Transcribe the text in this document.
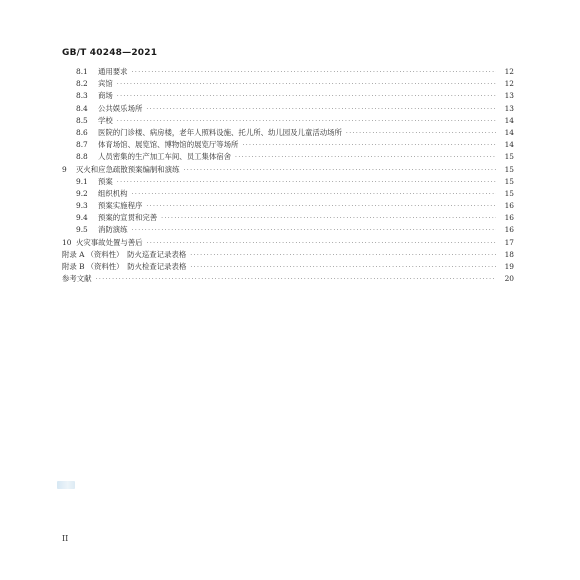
GB/T 40248—2021
8.1	通用要求 ·····	12
8.2	宾馆 ·····	12
8.3	商场 ·····	13
8.4	公共娱乐场所 ·····	13
8.5	学校 ·····	14
8.6	医院的门诊楼、病房楼，老年人照料设施、托儿所、幼儿园及儿童活动场所 ·····	14
8.7	体育场馆、展览馆、博物馆的展览厅等场所 ·····	14
8.8	人员密集的生产加工车间、员工集体宿舍 ·····	15
9	灭火和应急疏散预案编制和演练 ·····	15
9.1	预案 ·····	15
9.2	组织机构 ·····	15
9.3	预案实施程序 ·····	16
9.4	预案的宣贯和完善 ·····	16
9.5	消防演练 ·····	16
10 火灾事故处置与善后 ·····	17
附录 A （资料性）　防火巡查记录表格 ·····	18
附录 B （资料性）　防火检查记录表格 ·····	19
参考文献 ·····	20
II
